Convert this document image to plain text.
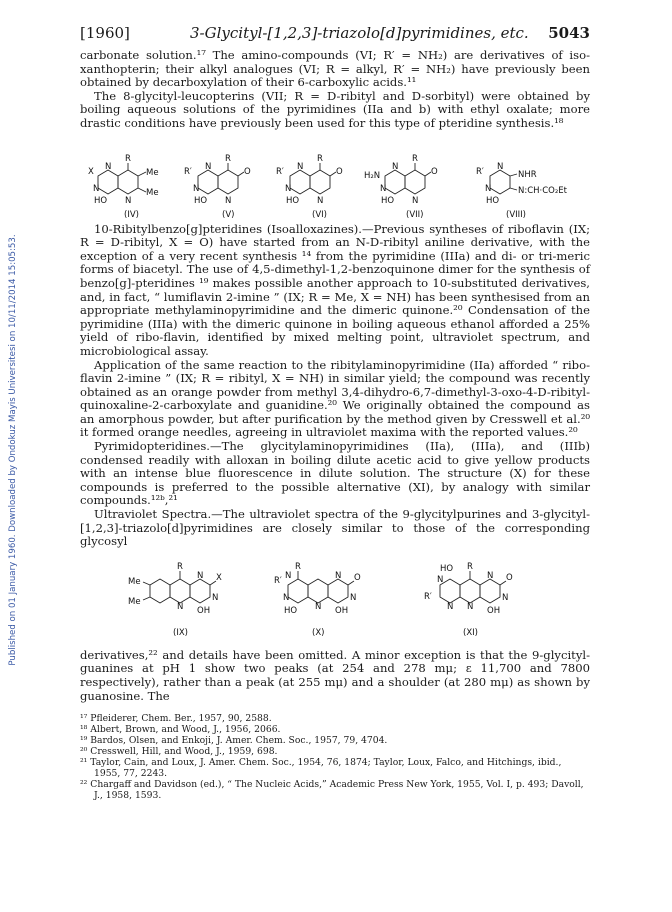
Published on 01 January 1960. Downloaded by Ondokuz Mayis Universitesi on 10/11/2014 15:05:53.
[1960]	3-Glycityl-[1,2,3]-triazolo[d]pyrimidines, etc. 5043

carbonate solution.¹⁷ The amino-compounds (VI; R′ = NH₂) are derivatives of iso-xanthopterin; their alkyl analogues (VI; R = alkyl, R′ = NH₂) have previously been obtained by decarboxylation of their 6-carboxylic acids.¹¹

The 8-glycityl-leucopterins (VII; R = D-ribityl and D-sorbityl) were obtained by boiling aqueous solutions of the pyrimidines (IIa and b) with ethyl oxalate; more drastic conditions have previously been used for this type of pteridine synthesis.¹⁸

R
X N
N
HO N
Me
Me
R
R′ N
N
HO N
O
R
R′ N
N
HO N
O
R
H₂N
N
N
HO N
O	R′ N
N
HO
NHR
N:CH·CO₂Et
(IV)	(V)	(VI)	(VII)	(VIII)

10-Ribitylbenzo[g]pteridines (Isoalloxazines).—Previous syntheses of riboflavin (IX; R = D-ribityl, X = O) have started from an N-D-ribityl aniline derivative, with the exception of a very recent synthesis ¹⁴ from the pyrimidine (IIIa) and di- or tri-meric forms of biacetyl. The use of 4,5-dimethyl-1,2-benzoquinone dimer for the synthesis of benzo[g]-pteridines ¹⁹ makes possible another approach to 10-substituted derivatives, and, in fact, “ lumiflavin 2-imine ” (IX; R = Me, X = NH) has been synthesised from an appropriate methylaminopyrimidine and the dimeric quinone.²⁰ Condensation of the pyrimidine (IIIa) with the dimeric quinone in boiling aqueous ethanol afforded a 25% yield of ribo-flavin, identified by mixed melting point, ultraviolet spectrum, and microbiological assay.

Application of the same reaction to the ribitylaminopyrimidine (IIa) afforded “ ribo-flavin 2-imine ” (IX; R = ribityl, X = NH) in similar yield; the compound was recently obtained as an orange powder from methyl 3,4-dihydro-6,7-dimethyl-3-oxo-4-D-ribityl-quinoxaline-2-carboxylate and guanidine.²⁰ We originally obtained the compound as an amorphous powder, but after purification by the method given by Cresswell et al.²⁰ it formed orange needles, agreeing in ultraviolet maxima with the reported values.²⁰

Pyrimidopteridines.—The glycitylaminopyrimidines (IIa), (IIIa), and (IIIb) condensed readily with alloxan in boiling dilute acetic acid to give yellow products with an intense blue fluorescence in dilute solution. The structure (X) for these compounds is preferred to the possible alternative (XI), by analogy with similar compounds.¹²ᵇ,²¹

Ultraviolet Spectra.—The ultraviolet spectra of the 9-glycitylpurines and 3-glycityl-[1,2,3]-triazolo[d]pyrimidines are closely similar to those of the corresponding glycosyl

R
Me
Me	N
N X
N
OH
R
R′ N
N
HO N
N O
N
OH
HO R
R′
N
N N
N O
N
OH
(IX)	(X)	(XI)

derivatives,²² and details have been omitted. A minor exception is that the 9-glycityl-guanines at pH 1 show two peaks (at 254 and 278 mμ; ε 11,700 and 7800 respectively), rather than a peak (at 255 mμ) and a shoulder (at 280 mμ) as shown by guanosine. The

¹⁷ Pfleiderer, Chem. Ber., 1957, 90, 2588.
¹⁸ Albert, Brown, and Wood, J., 1956, 2066.
¹⁹ Bardos, Olsen, and Enkoji, J. Amer. Chem. Soc., 1957, 79, 4704.
²⁰ Cresswell, Hill, and Wood, J., 1959, 698.
²¹ Taylor, Cain, and Loux, J. Amer. Chem. Soc., 1954, 76, 1874; Taylor, Loux, Falco, and Hitchings, ibid., 1955, 77, 2243.
²² Chargaff and Davidson (ed.), “ The Nucleic Acids,” Academic Press New York, 1955, Vol. I, p. 493; Davoll, J., 1958, 1593.
